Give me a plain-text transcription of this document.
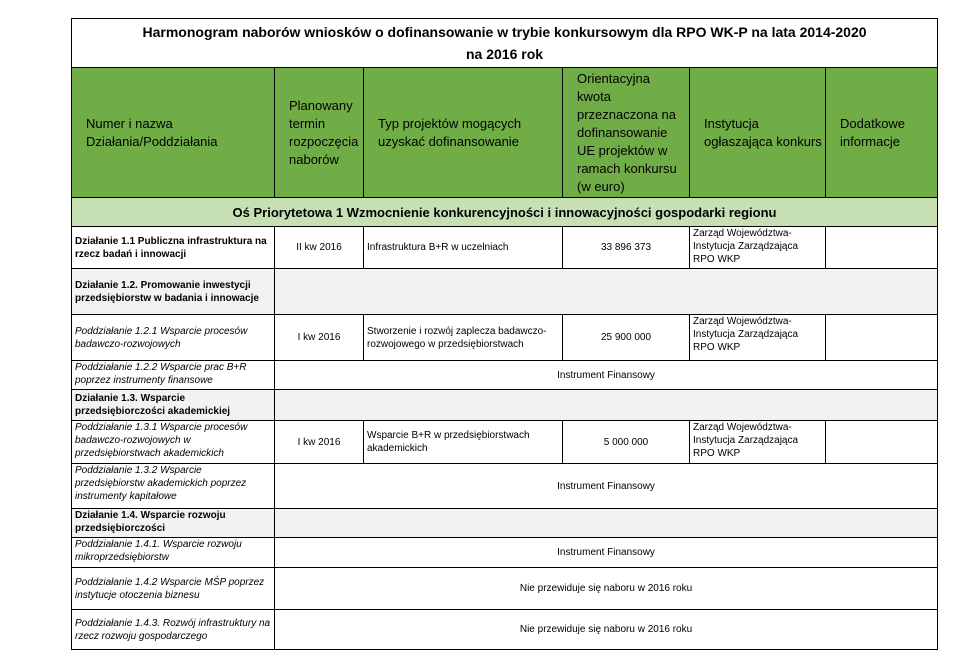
Harmonogram naborów wniosków o dofinansowanie w trybie konkursowym dla RPO WK-P na lata 2014-2020
na 2016 rok					

Numer i nazwa Działania/Poddziałania	Planowany termin rozpoczęcia naborów	Typ projektów mogących uzyskać dofinansowanie	Orientacyjna kwota przeznaczona na dofinansowanie UE projektów w ramach konkursu (w euro)	Instytucja ogłaszająca konkurs	Dodatkowe informacje
Oś Priorytetowa 1 Wzmocnienie konkurencyjności i innowacyjności gospodarki regionu					
Działanie 1.1 Publiczna infrastruktura na rzecz badań i innowacji	II kw 2016	Infrastruktura B+R w uczelniach	33 896 373	Zarząd Województwa-Instytucja Zarządzająca RPO WKP	
Działanie 1.2. Promowanie inwestycji przedsiębiorstw w badania i innowacje					
Poddziałanie 1.2.1 Wsparcie procesów badawczo-rozwojowych	I kw 2016	Stworzenie i rozwój zaplecza badawczo-rozwojowego w przedsiębiorstwach	25 900 000	Zarząd Województwa-Instytucja Zarządzająca RPO WKP	
Poddziałanie 1.2.2 Wsparcie prac B+R poprzez instrumenty finansowe	Instrument Finansowy				
Działanie 1.3. Wsparcie przedsiębiorczości akademickiej					
Poddziałanie 1.3.1 Wsparcie procesów badawczo-rozwojowych w przedsiębiorstwach akademickich	I kw 2016	Wsparcie B+R w przedsiębiorstwach akademickich	5 000 000	Zarząd Województwa-Instytucja Zarządzająca RPO WKP	
Poddziałanie 1.3.2 Wsparcie przedsiębiorstw akademickich poprzez instrumenty kapitałowe	Instrument Finansowy				
Działanie 1.4. Wsparcie rozwoju przedsiębiorczości					
Poddziałanie 1.4.1. Wsparcie rozwoju mikroprzedsiębiorstw	Instrument Finansowy				
Poddziałanie 1.4.2 Wsparcie MŚP poprzez instytucje otoczenia biznesu	Nie przewiduje się naboru w 2016 roku				
Poddziałanie 1.4.3. Rozwój infrastruktury na rzecz rozwoju gospodarczego	Nie przewiduje się naboru w 2016 roku				
